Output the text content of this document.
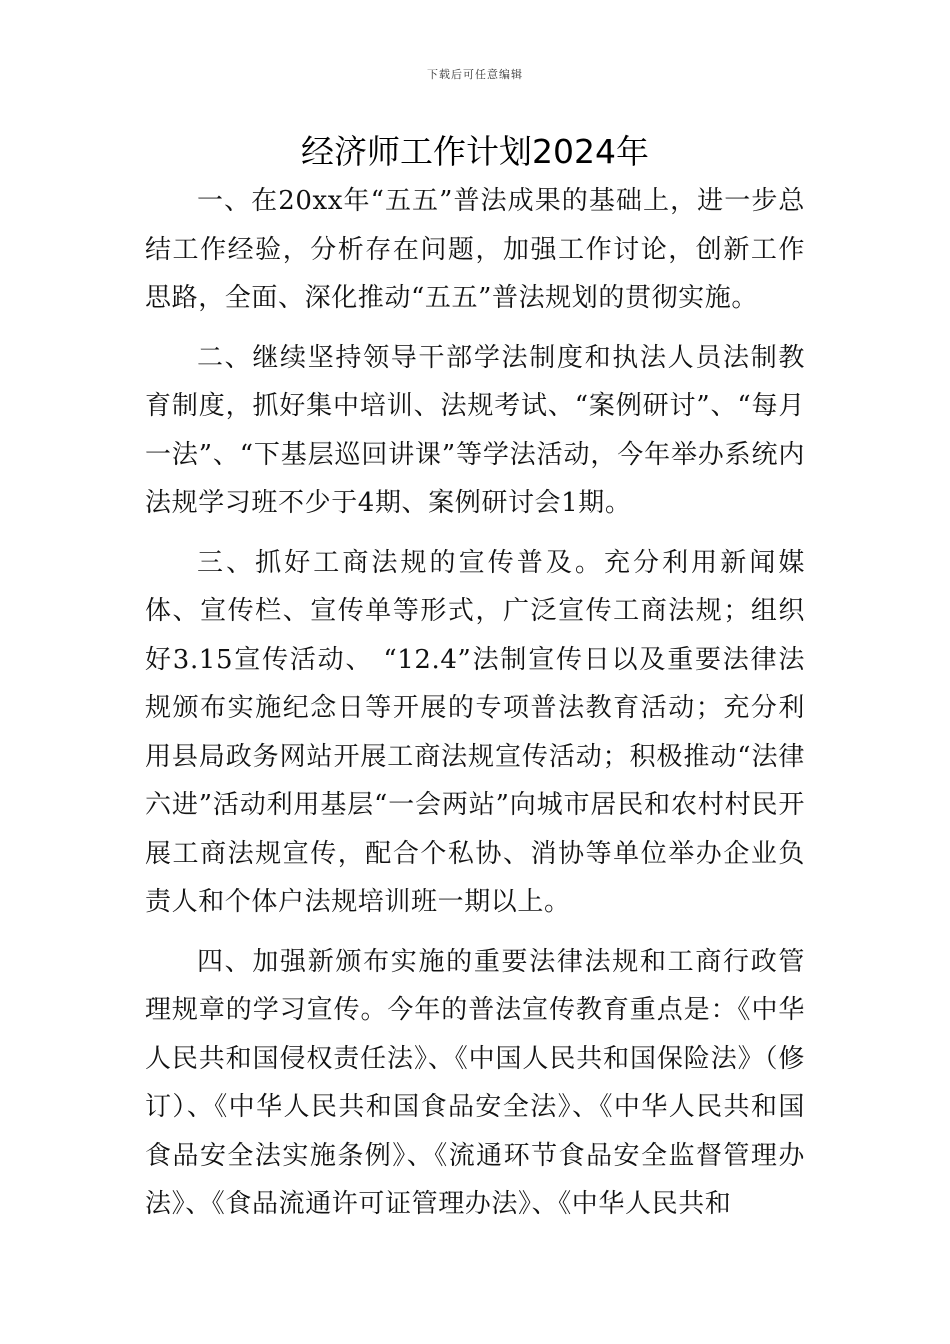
下载后可任意编辑
经济师工作计划2024年

一、在20xx年“五五”普法成果的基础上，进一步总结工作经验，分析存在问题，加强工作讨论，创新工作思路，全面、深化推动“五五”普法规划的贯彻实施。

二、继续坚持领导干部学法制度和执法人员法制教育制度，抓好集中培训、法规考试、“案例研讨”、“每月一法”、“下基层巡回讲课”等学法活动，今年举办系统内法规学习班不少于4期、案例研讨会1期。

三、抓好工商法规的宣传普及。充分利用新闻媒体、宣传栏、宣传单等形式，广泛宣传工商法规；组织好3.15宣传活动、 “12.4”法制宣传日以及重要法律法规颁布实施纪念日等开展的专项普法教育活动；充分利用县局政务网站开展工商法规宣传活动；积极推动“法律六进”活动利用基层“一会两站”向城市居民和农村村民开展工商法规宣传，配合个私协、消协等单位举办企业负责人和个体户法规培训班一期以上。

四、加强新颁布实施的重要法律法规和工商行政管理规章的学习宣传。今年的普法宣传教育重点是：《中华人民共和国侵权责任法》、《中国人民共和国保险法》（修订）、《中华人民共和国食品安全法》、《中华人民共和国食品安全法实施条例》、《流通环节食品安全监督管理办法》、《食品流通许可证管理办法》、《中华人民共和
